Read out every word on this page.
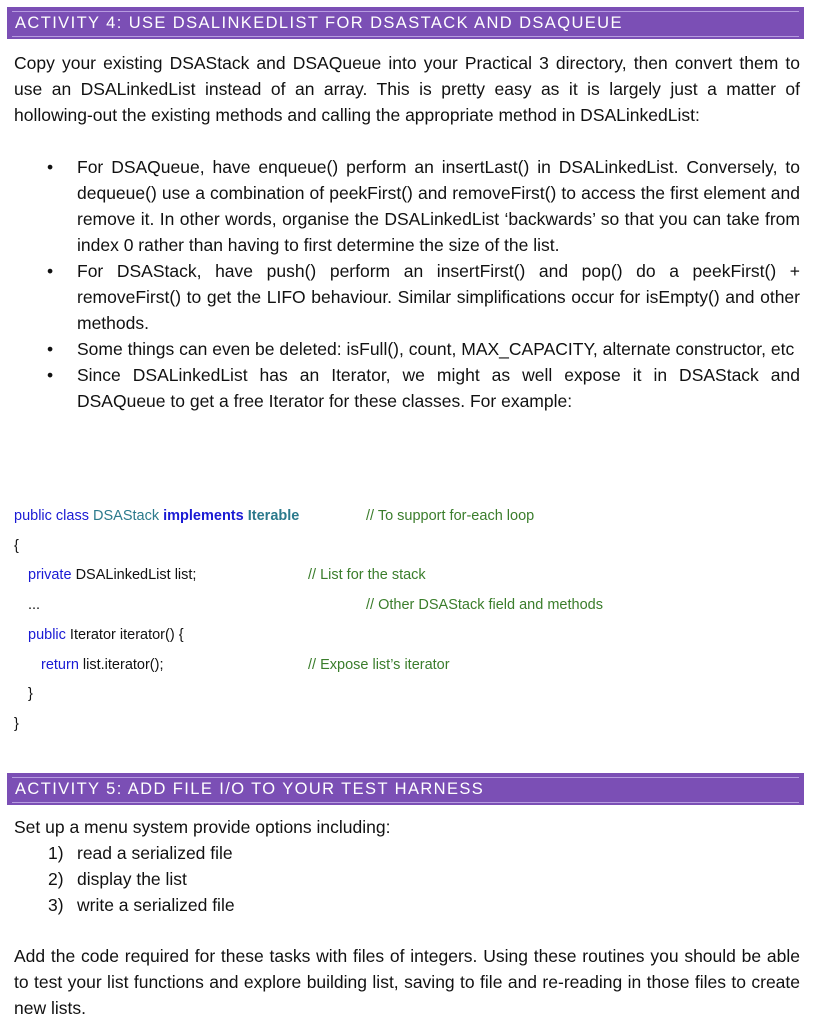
ACTIVITY 4: USE DSALINKEDLIST FOR DSASTACK AND DSAQUEUE

Copy your existing DSAStack and DSAQueue into your Practical 3 directory, then convert them to use an DSALinkedList instead of an array. This is pretty easy as it is largely just a matter of hollowing-out the existing methods and calling the appropriate method in DSALinkedList:

• For DSAQueue, have enqueue() perform an insertLast() in DSALinkedList. Conversely, to dequeue() use a combination of peekFirst() and removeFirst() to access the first element and remove it. In other words, organise the DSALinkedList ‘backwards’ so that you can take from index 0 rather than having to first determine the size of the list.
• For DSAStack, have push() perform an insertFirst() and pop() do a peekFirst() + removeFirst() to get the LIFO behaviour. Similar simplifications occur for isEmpty() and other methods.
• Some things can even be deleted: isFull(), count, MAX_CAPACITY, alternate constructor, etc
• Since DSALinkedList has an Iterator, we might as well expose it in DSAStack and DSAQueue to get a free Iterator for these classes. For example:
public class DSAStack implements Iterable	// To support for-each loop
{
private DSALinkedList list;	// List for the stack
...	// Other DSAStack field and methods
public Iterator iterator() {
return list.iterator();	// Expose list’s iterator
}
}
ACTIVITY 5: ADD FILE I/O TO YOUR TEST HARNESS

Set up a menu system provide options including:

1) read a serialized file
2) display the list
3) write a serialized file

Add the code required for these tasks with files of integers. Using these routines you should be able to test your list functions and explore building list, saving to file and re-reading in those files to create new lists.
